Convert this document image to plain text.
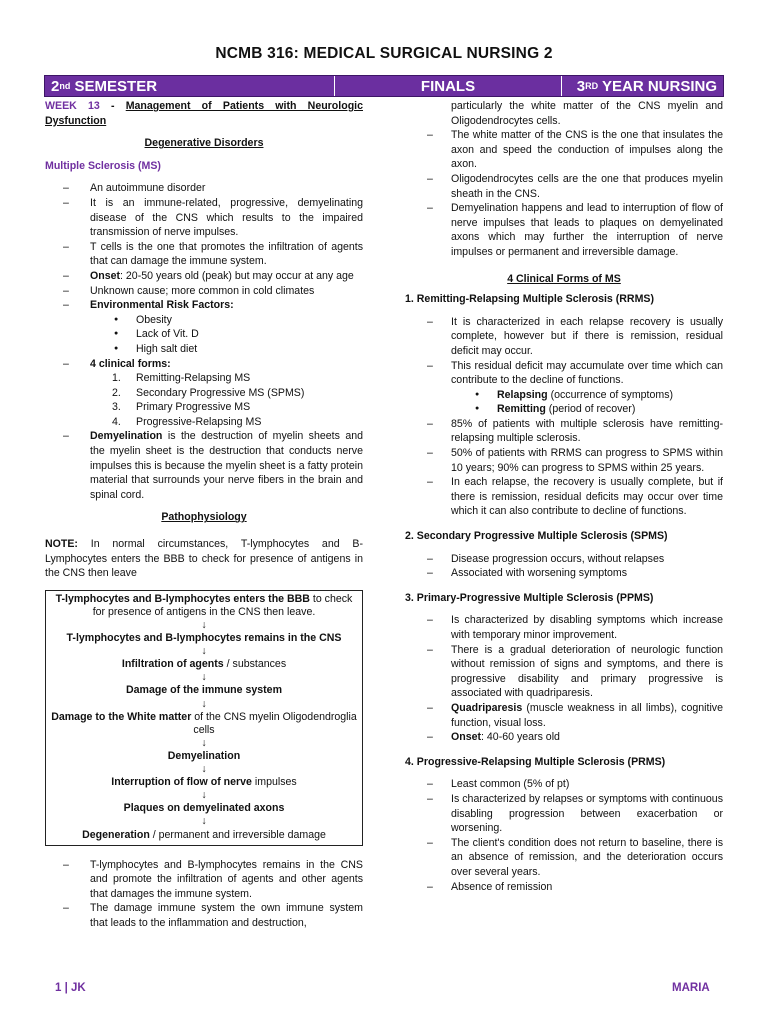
NCMB 316: MEDICAL SURGICAL NURSING 2
2 nd SEMESTER	FINALS	3 RD YEAR NURSING
WEEK 13 - Management of Patients with Neurologic Dysfunction
Degenerative Disorders
Multiple Sclerosis (MS)
– An autoimmune disorder
– It is an immune-related, progressive, demyelinating disease of the CNS which results to the impaired transmission of nerve impulses.
– T cells is the one that promotes the infiltration of agents that can damage the immune system.
– Onset: 20-50 years old (peak) but may occur at any age
– Unknown cause; more common in cold climates
– Environmental Risk Factors:
● Obesity
● Lack of Vit. D
● High salt diet
– 4 clinical forms:
1. Remitting-Relapsing MS
2. Secondary Progressive MS (SPMS)
3. Primary Progressive MS
4. Progressive-Relapsing MS
– Demyelination is the destruction of myelin sheets and the myelin sheet is the destruction that conducts nerve impulses this is because the myelin sheet is a fatty protein material that surrounds your nerve fibers in the brain and spinal cord.
Pathophysiology
NOTE: In normal circumstances, T-lymphocytes and B-Lymphocytes enters the BBB to check for presence of antigens in the CNS then leave
T-lymphocytes and B-lymphocytes enters the BBB to check for presence of antigens in the CNS then leave.
↓
T-lymphocytes and B-lymphocytes remains in the CNS
↓
Infiltration of agents / substances
↓
Damage of the immune system
↓
Damage to the White matter of the CNS myelin Oligodendroglia cells
↓
Demyelination
↓
Interruption of flow of nerve impulses
↓
Plaques on demyelinated axons
↓
Degeneration / permanent and irreversible damage
– T-lymphocytes and B-lymphocytes remains in the CNS and promote the infiltration of agents and other agents that damages the immune system.
– The damage immune system the own immune system that leads to the inflammation and destruction,
particularly the white matter of the CNS myelin and Oligodendrocytes cells.
– The white matter of the CNS is the one that insulates the axon and speed the conduction of impulses along the axon.
– Oligodendrocytes cells are the one that produces myelin sheath in the CNS.
– Demyelination happens and lead to interruption of flow of nerve impulses that leads to plaques on demyelinated axons which may further the interruption of nerve impulses or permanent and irreversible damage.
4 Clinical Forms of MS
1. Remitting-Relapsing Multiple Sclerosis (RRMS)
– It is characterized in each relapse recovery is usually complete, however but if there is remission, residual deficit may occur.
– This residual deficit may accumulate over time which can contribute to the decline of functions.
● Relapsing (occurrence of symptoms)
● Remitting (period of recover)
– 85% of patients with multiple sclerosis have remitting-relapsing multiple sclerosis.
– 50% of patients with RRMS can progress to SPMS within 10 years; 90% can progress to SPMS within 25 years.
– In each relapse, the recovery is usually complete, but if there is remission, residual deficits may occur over time which it can also contribute to decline of functions.
2. Secondary Progressive Multiple Sclerosis (SPMS)
– Disease progression occurs, without relapses
– Associated with worsening symptoms
3. Primary-Progressive Multiple Sclerosis (PPMS)
– Is characterized by disabling symptoms which increase with temporary minor improvement.
– There is a gradual deterioration of neurologic function without remission of signs and symptoms, and there is progressive disability and primary progressive is associated with quadriparesis.
– Quadriparesis (muscle weakness in all limbs), cognitive function, visual loss.
– Onset: 40-60 years old
4. Progressive-Relapsing Multiple Sclerosis (PRMS)
– Least common (5% of pt)
– Is characterized by relapses or symptoms with continuous disabling progression between exacerbation or worsening.
– The client's condition does not return to baseline, there is an absence of remission, and the deterioration occurs over several years.
– Absence of remission
1 | JK	MARIA
